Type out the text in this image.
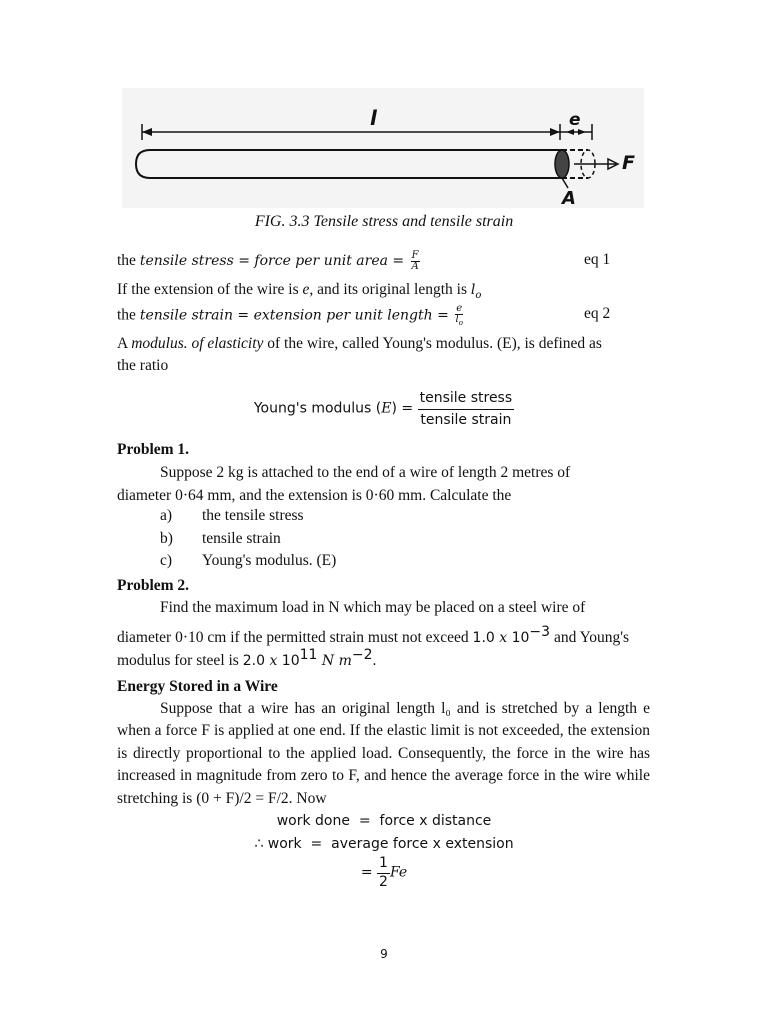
l	e
F
A
FIG. 3.3 Tensile stress and tensile strain
the tensile stress = force per unit area = $\frac{F}{A}$	eq 1
If the extension of the wire is e, and its original length is $l_o$
the tensile strain = extension per unit length = $\frac{e}{l_o}$	eq 2
A modulus. of elasticity of the wire, called Young's modulus. (E), is defined as
the ratio
Young's modulus (E) =
tensile stress
tensile strain
Problem 1.
Suppose 2 kg is attached to the end of a wire of length 2 metres of
diameter 0·64 mm, and the extension is 0·60 mm. Calculate the
a) the tensile stress
b) tensile strain
c) Young's modulus. (E)
Problem 2.
Find the maximum load in N which may be placed on a steel wire of
diameter 0·10 cm if the permitted strain must not exceed 1.0 x $10^{-3}$ and Young's
modulus for steel is 2.0 x $10^{11}$ N $m^{-2}$.
Energy Stored in a Wire
Suppose that a wire has an original length l₀ and is stretched by a length e when a force F is applied at one end. If the elastic limit is not exceeded, the extension is directly proportional to the applied load. Consequently, the force in the wire has increased in magnitude from zero to F, and hence the average force in the wire while stretching is (0 + F)/2 = F/2. Now
work done  =  force x distance
∴ work  =  average force x extension
= $\frac{1}{2}$ Fe
9
